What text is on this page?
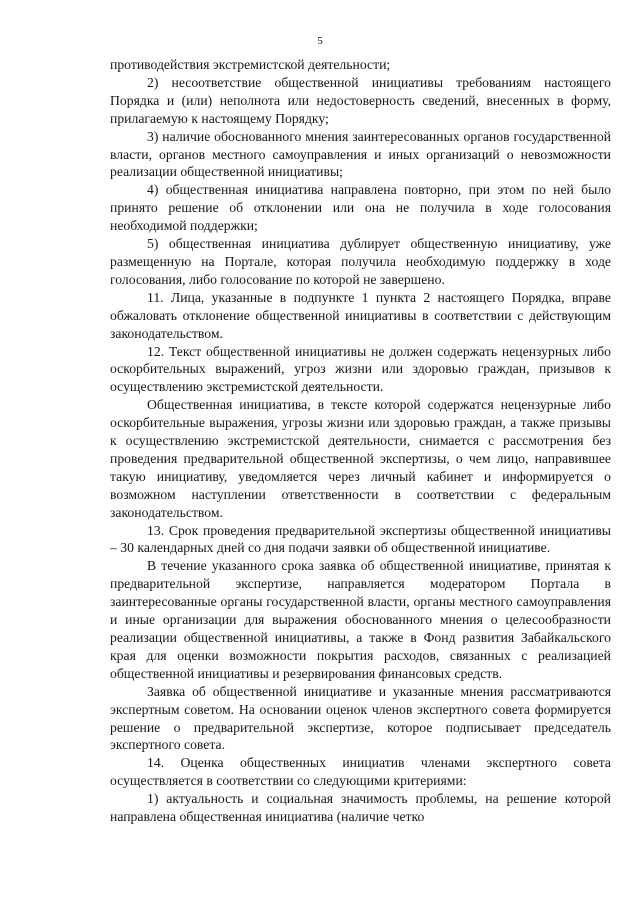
5

противодействия экстремистской деятельности;

2) несоответствие общественной инициативы требованиям настоящего Порядка и (или) неполнота или недостоверность сведений, внесенных в форму, прилагаемую к настоящему Порядку;

3) наличие обоснованного мнения заинтересованных органов государственной власти, органов местного самоуправления и иных организаций о невозможности реализации общественной инициативы;

4) общественная инициатива направлена повторно, при этом по ней было принято решение об отклонении или она не получила в ходе голосования необходимой поддержки;

5) общественная инициатива дублирует общественную инициативу, уже размещенную на Портале, которая получила необходимую поддержку в ходе голосования, либо голосование по которой не завершено.

11. Лица, указанные в подпункте 1 пункта 2 настоящего Порядка, вправе обжаловать отклонение общественной инициативы в соответствии с действующим законодательством.

12. Текст общественной инициативы не должен содержать нецензурных либо оскорбительных выражений, угроз жизни или здоровью граждан, призывов к осуществлению экстремистской деятельности.

Общественная инициатива, в тексте которой содержатся нецензурные либо оскорбительные выражения, угрозы жизни или здоровью граждан, а также призывы к осуществлению экстремистской деятельности, снимается с рассмотрения без проведения предварительной общественной экспертизы, о чем лицо, направившее такую инициативу, уведомляется через личный кабинет и информируется о возможном наступлении ответственности в соответствии с федеральным законодательством.

13. Срок проведения предварительной экспертизы общественной инициативы – 30 календарных дней со дня подачи заявки об общественной инициативе.

В течение указанного срока заявка об общественной инициативе, принятая к предварительной экспертизе, направляется модератором Портала в заинтересованные органы государственной власти, органы местного самоуправления и иные организации для выражения обоснованного мнения о целесообразности реализации общественной инициативы, а также в Фонд развития Забайкальского края для оценки возможности покрытия расходов, связанных с реализацией общественной инициативы и резервирования финансовых средств.

Заявка об общественной инициативе и указанные мнения рассматриваются экспертным советом. На основании оценок членов экспертного совета формируется решение о предварительной экспертизе, которое подписывает председатель экспертного совета.

14. Оценка общественных инициатив членами экспертного совета осуществляется в соответствии со следующими критериями:

1) актуальность и социальная значимость проблемы, на решение которой направлена общественная инициатива (наличие четко
